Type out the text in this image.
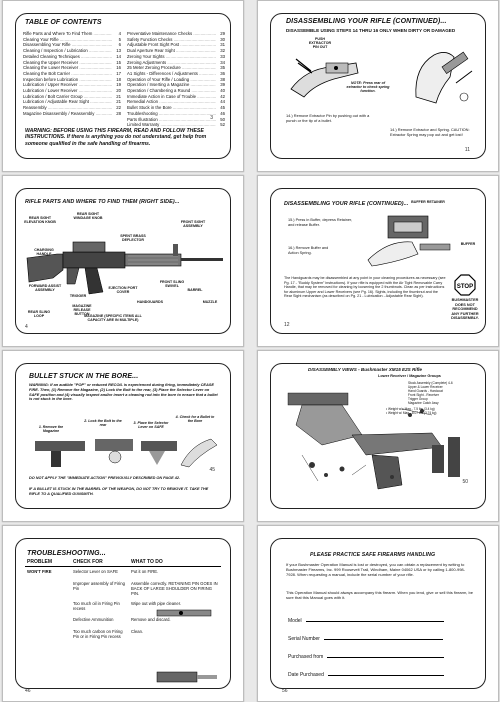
TABLE OF CONTENTS
Rifle Parts and Where To Find Them .....	4
Clearing Your Rifle .....	5
Disassembling Your Rifle .....	6
Cleaning / Inspection / Lubrication .....	13
Detailed Cleaning Techniques .....	14
Cleaning the Upper Receiver .....	15
Cleaning the Lower Receiver .....	16
Cleaning the Bolt Carrier .....	17
Inspection before Lubrication .....	18
Lubrication / Upper Receiver .....	19
Lubrication / Lower Receiver .....	20
Lubrication / Bolt Carrier Group .....	21
Lubrication / Adjustable Rear Sight .....	21
Reassembly .....	22
Magazine Disassembly / Reassembly .....	28
Preventative Maintenance Checks .....	29
Safety Function Checks .....	30
Adjustable Front Sight Post .....	31
Dual Aperture Rear Sight .....	32
Zeroing Your Sights .....	33
Zeroing Adjustments .....	34
25 Meter Zeroing Procedure .....	35
A1 Sights - Differences / Adjustments .....	36
Operation of Your Rifle / Loading .....	38
Operation / Inserting a Magazine .....	39
Operation / Chambering a Round .....	40
Immediate Action in Case of Trouble .....	42
Remedial Action .....	44
Bullet Stuck in the Bore .....	45
Troubleshooting .....	46
Parts Illustration .....	50
Limited Warranty .....	52
WARNING: BEFORE USING THIS FIREARM, READ AND FOLLOW THESE INSTRUCTIONS. If there is anything you do not understand, get help from someone qualified in the safe handling of firearms.
3
DISASSEMBLING YOUR RIFLE (CONTINUED)...
DISASSEMBLE USING STEPS 14 THRU 16 ONLY WHEN DIRTY OR DAMAGED
PUSH EXTRACTOR PIN OUT
NOTE: Press rear of extractor to check spring function.
14.) Remove Extractor Pin by pushing out with a punch or the tip of a bullet.
14.) Remove Extractor and Spring. CAUTION: Extractor Spring may pop out and get lost!
11
RIFLE PARTS AND WHERE TO FIND THEM (RIGHT SIDE)...
4
REAR SIGHT ELEVATION KNOB
REAR SIGHT WINDAGE KNOB
FRONT SIGHT ASSEMBLY
SPENT BRASS DEFLECTOR
CHARGING HANDLE
FRONT SLING SWIVEL
BARREL
FORWARD ASSIST ASSEMBLY	EJECTION PORT COVER
TRIGGER
HANDGUARDS	MUZZLE
REAR SLING LOOP
MAGAZINE RELEASE BUTTON
MAGAZINE (SPECIFIC ITEMS ALL CAPACITY ARE IN MULTIPLE)
DISASSEMBLING YOUR RIFLE (CONTINUED)... BUFFER RETAINER
15.) Press in Buffer, depress Retainer, and release Buffer.
BUFFER
16.) Remove Buffer and Action Spring.
The Handguards may be disassembled at any point in your cleaning procedures as necessary (see Pg. 17 - "Buddy System" instructions). If your rifle is equipped with the Air Tight Removable Carry Handle, that may be removed for cleaning by loosening the 2 thumbnuts. Clean as per instructions for aluminum Upper and Lower Receivers (see Pg. 16). Sights, including the thumbnut and the Rear Sight mechanism (as described on Pg. 21 - Lubrication - Adjustable Rear Sight).
STOP
BUSHMASTER DOES NOT RECOMMEND ANY FURTHER DISASSEMBLY.
12
BULLET STUCK IN THE BORE...
WARNING: If an audible "POP" or reduced RECOIL is experienced during firing, immediately CEASE FIRE. Then, (1) Remove the Magazine, (2) Lock the Bolt to the rear, (3) Place the Selector Lever on SAFE position and (4) visually inspect and/or insert a cleaning rod into the bore to ensure that a bullet is not stuck in the bore.
DO NOT APPLY THE "IMMEDIATE ACTION" PREVIOUSLY DESCRIBED ON PAGE 42.
IF A BULLET IS STUCK IN THE BARREL OF THE WEAPON, DO NOT TRY TO REMOVE IT. TAKE THE RIFLE TO A QUALIFIED GUNSMITH.
45
1. Remove the Magazine
2. Lock the Bolt to the rear	3. Place the Selector Lever on SAFE
4. Check for a Bullet in the Bore
DISASSEMBLY VIEWS - Bushmaster XM15 E2S Rifle
Lower Receiver / Magazine Groups
Stock Assembly (Complete) 4-6
Upper & Lower Receiver
Hand Guards - Hardcoat
Front Sight - Receiver
Trigger Group
Magazine Catch Assy
• Weight w/o Mag - 7.5 lbs (3.4 kg)
• Weight w/ Mag - 8.07 lbs (3.74 kg)
50
TROUBLESHOOTING...
PROBLEM	CHECK FOR	WHAT TO DO
WON'T FIRE	Selector Lever on SAFE	Put it on FIRE.
	Improper assembly of Firing Pin	Assemble correctly. RETAINING PIN GOES IN BACK OF LARGE SHOULDER ON FIRING PIN.
	Too much oil in Firing Pin recess	Wipe out with pipe cleaner.
	Defective Ammunition	Remove and discard.
	Too much carbon on Firing Pin or in Firing Pin recess	Clean.
46
PLEASE PRACTICE SAFE FIREARMS HANDLING
If your Bushmaster Operation Manual is lost or destroyed, you can obtain a replacement by writing to Bushmaster Firearms, Inc. 999 Roosevelt Trail, Windham, Maine 04062 USA or by calling 1-800-998-7928. When requesting a manual, include the serial number of your rifle.
This Operation Manual should always accompany this firearm. When you lend, give or sell this firearm, be sure that this Manual goes with it.
56
Model
Serial Number
Purchased from
Date Purchased
